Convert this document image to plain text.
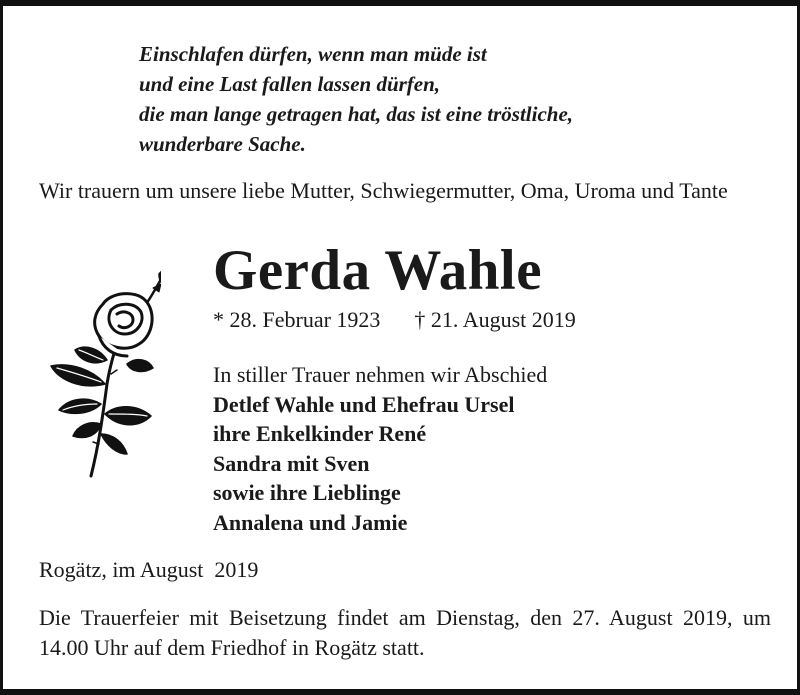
Einschlafen dürfen, wenn man müde ist
und eine Last fallen lassen dürfen,
die man lange getragen hat, das ist eine tröstliche,
wunderbare Sache.
Wir trauern um unsere liebe Mutter, Schwiegermutter, Oma, Uroma und Tante
Gerda Wahle
* 28. Februar 1923 † 21. August 2019
In stiller Trauer nehmen wir Abschied
Detlef Wahle und Ehefrau Ursel
ihre Enkelkinder René
Sandra mit Sven
sowie ihre Lieblinge
Annalena und Jamie
Rogätz, im August  2019
Die Trauerfeier mit Beisetzung findet am Dienstag, den 27. August 2019, um 14.00 Uhr auf dem Friedhof in Rogätz statt.
